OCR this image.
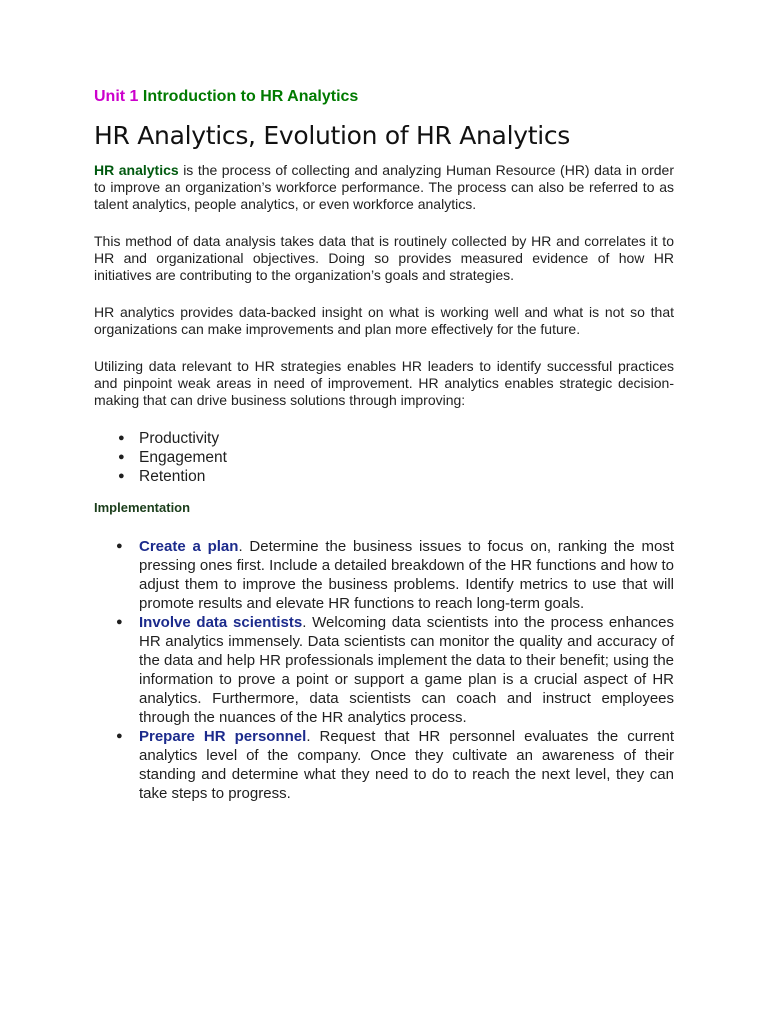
Unit 1 Introduction to HR Analytics
HR Analytics, Evolution of HR Analytics

HR analytics is the process of collecting and analyzing Human Resource (HR) data in order to improve an organization’s workforce performance. The process can also be referred to as talent analytics, people analytics, or even workforce analytics.

This method of data analysis takes data that is routinely collected by HR and correlates it to HR and organizational objectives. Doing so provides measured evidence of how HR initiatives are contributing to the organization’s goals and strategies.

HR analytics provides data-backed insight on what is working well and what is not so that organizations can make improvements and plan more effectively for the future.

Utilizing data relevant to HR strategies enables HR leaders to identify successful practices and pinpoint weak areas in need of improvement. HR analytics enables strategic decision-making that can drive business solutions through improving:

● Productivity
● Engagement
● Retention
Implementation
● Create a plan. Determine the business issues to focus on, ranking the most pressing ones first. Include a detailed breakdown of the HR functions and how to adjust them to improve the business problems. Identify metrics to use that will promote results and elevate HR functions to reach long-term goals.
● Involve data scientists. Welcoming data scientists into the process enhances HR analytics immensely. Data scientists can monitor the quality and accuracy of the data and help HR professionals implement the data to their benefit; using the information to prove a point or support a game plan is a crucial aspect of HR analytics. Furthermore, data scientists can coach and instruct employees through the nuances of the HR analytics process.
● Prepare HR personnel. Request that HR personnel evaluates the current analytics level of the company. Once they cultivate an awareness of their standing and determine what they need to do to reach the next level, they can take steps to progress.
